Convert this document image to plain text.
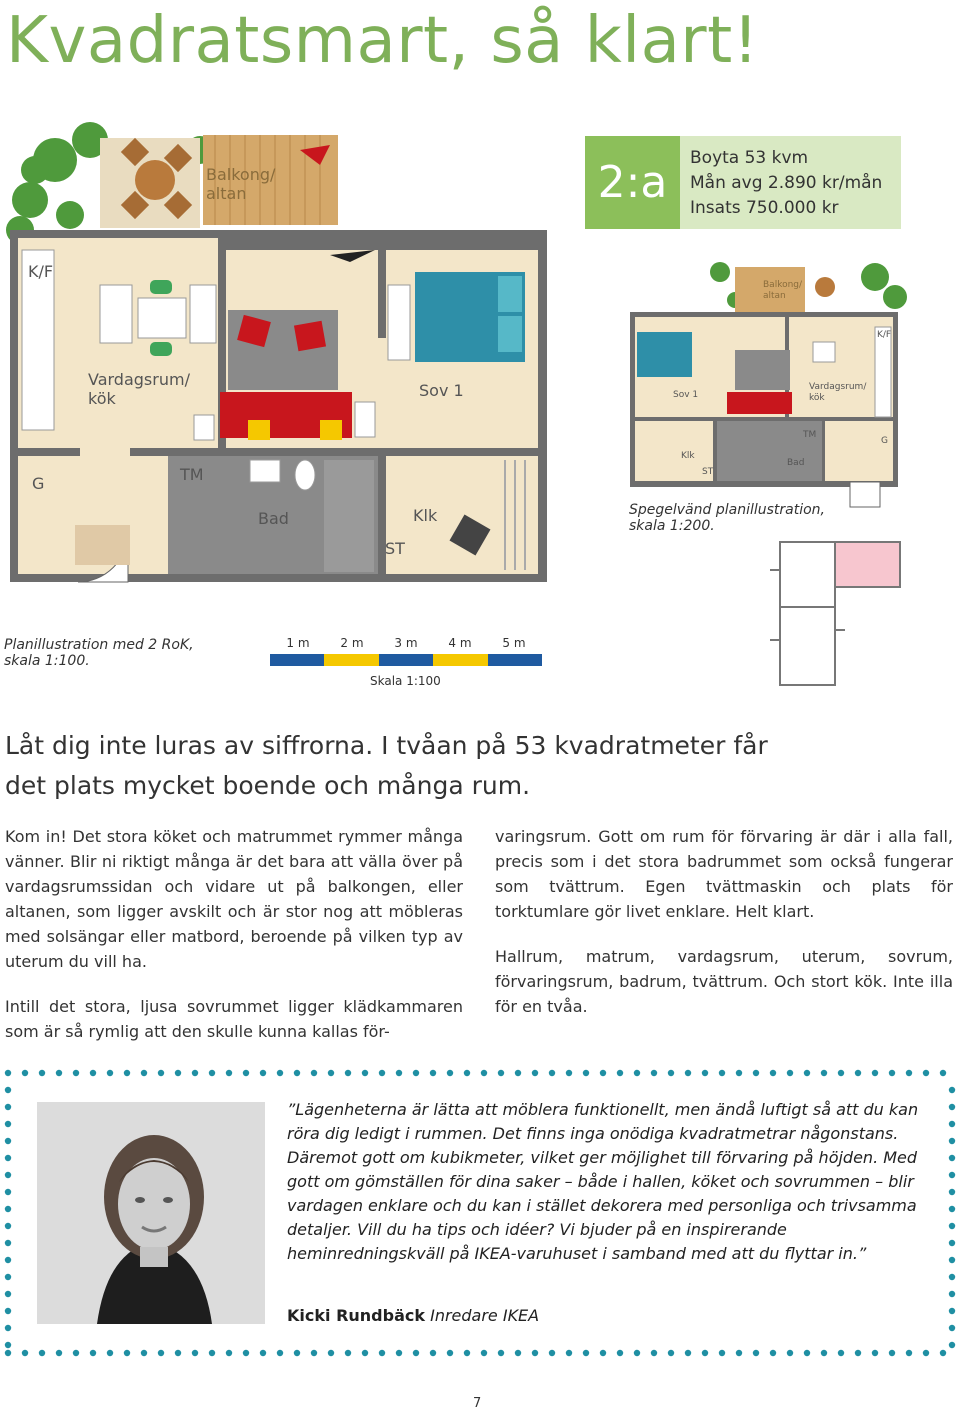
Kvadratsmart, så klart!
2:a	Boyta 53 kvm
Mån avg 2.890 kr/mån
Insats 750.000 kr
Balkong/
altan
K/F
Vardagsrum/
kök	Sov 1
G	TM
Bad	Klk
ST
Planillustration med 2 RoK,
skala 1:100.
Balkong/
altan
K/F
Sov 1
Vardagsrum/
kök
TM
G
Klk
Bad
ST
Spegelvänd planillustration,
skala 1:200.
1 m	2 m	3 m	4 m	5 m
Skala 1:100
Låt dig inte luras av siffrorna. I tvåan på 53 kvadratmeter får det plats mycket boende och många rum.

Kom in! Det stora köket och matrummet rymmer många vänner. Blir ni riktigt många är det bara att välla över på vardagsrumssidan och vidare ut på balkongen, eller altanen, som ligger avskilt och är stor nog att möbleras med solsängar eller matbord, beroende på vilken typ av uterum du vill ha.

Intill det stora, ljusa sovrummet ligger klädkammaren som är så rymlig att den skulle kunna kallas för-

varingsrum. Gott om rum för förvaring är där i alla fall, precis som i det stora badrummet som också fungerar som tvättrum. Egen tvättmaskin och plats för torktumlare gör livet enklare. Helt klart.

Hallrum, matrum, vardagsrum, uterum, sovrum, förvaringsrum, badrum, tvättrum. Och stort kök. Inte illa för en tvåa.

”Lägenheterna är lätta att möblera funktionellt, men ändå luftigt så att du kan röra dig ledigt i rummen. Det finns inga onödiga kvadratmetrar någonstans. Däremot gott om kubikmeter, vilket ger möjlighet till förvaring på höjden. Med gott om gömställen för dina saker – både i hallen, köket och sovrummen – blir vardagen enklare och du kan i stället dekorera med personliga och trivsamma detaljer. Vill du ha tips och idéer? Vi bjuder på en inspirerande heminredningskväll på IKEA-varuhuset i samband med att du flyttar in.”
Kicki Rundbäck Inredare IKEA
7
